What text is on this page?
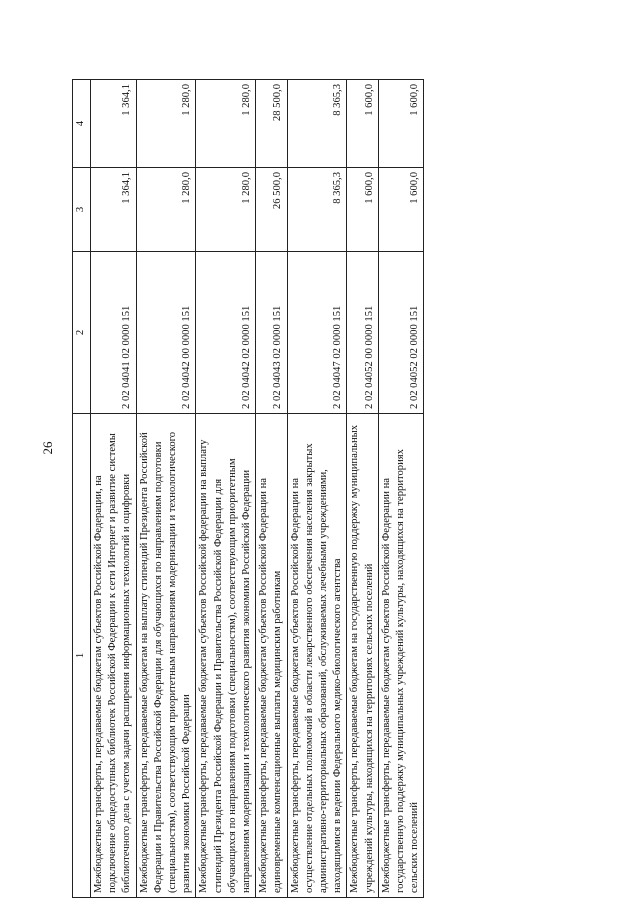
26
1	2	3	4
Межбюджетные трансферты, передаваемые бюджетам субъектов Российской Федерации, на подключение общедоступных библиотек Российской Федерации к сети Интернет и развитие системы библиотечного дела с учетом задачи расширения информационных технологий и оцифровки	2 02 04041 02 0000 151	1 364,1	1 364,1
Межбюджетные трансферты, передаваемые бюджетам на выплату стипендий Президента Российской Федерации и Правительства Российской Федерации для обучающихся по направлениям подготовки (специальностям), соответствующим приоритетным направлениям модернизации и технологического развития экономики Российской Федерации	2 02 04042 00 0000 151	1 280,0	1 280,0
Межбюджетные трансферты, передаваемые бюджетам субъектов Российской федерации на выплату стипендий Президента Российской Федерации и Правительства Российской Федерации для обучающихся по направлениям подготовки (специальностям), соответствующим приоритетным направлениям модернизации и технологического развития экономики Российской Федерации	2 02 04042 02 0000 151	1 280,0	1 280,0
Межбюджетные трансферты, передаваемые бюджетам субъектов Российской Федерации на единовременные компенсационные выплаты медицинским работникам	2 02 04043 02 0000 151	26 500,0	28 500,0
Межбюджетные трансферты, передаваемые бюджетам субъектов Российской Федерации на осуществление отдельных полномочий в области лекарственного обеспечения населения закрытых административно-территориальных образований, обслуживаемых лечебными учреждениями, находящимися в ведении Федерального медико-биологического агентства	2 02 04047 02 0000 151	8 365,3	8 365,3
Межбюджетные трансферты, передаваемые бюджетам на государственную поддержку муниципальных учреждений культуры, находящихся на территориях сельских поселений	2 02 04052 00 0000 151	1 600,0	1 600,0
Межбюджетные трансферты, передаваемые бюджетам субъектов Российской Федерации на государственную поддержку муниципальных учреждений культуры, находящихся на территориях сельских поселений	2 02 04052 02 0000 151	1 600,0	1 600,0
